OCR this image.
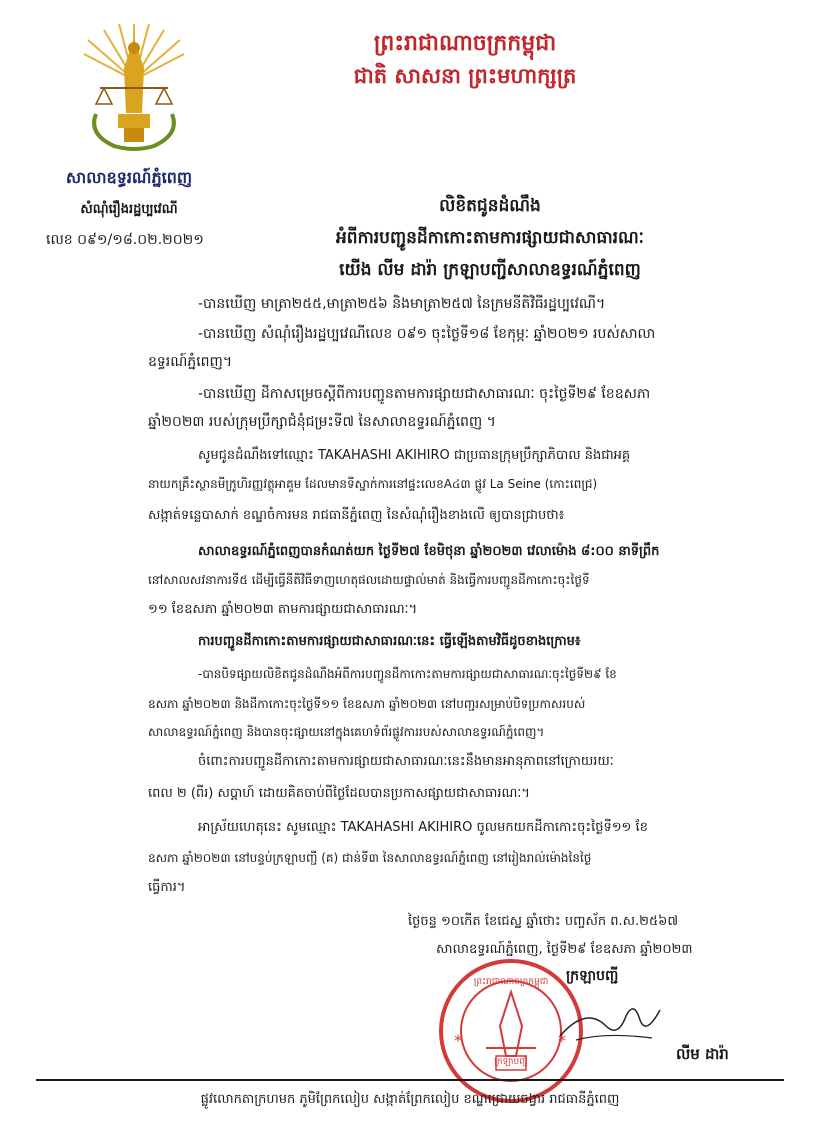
ព្រះរាជាណាចក្រកម្ពុជា
ជាតិ សាសនា ព្រះមហាក្សត្រ
សាលាឧទ្ធរណ៍ភ្នំពេញ
សំណុំរឿងរដ្ឋប្បវេណី
លេខ ០៩១/១៨.០២.២០២១
លិខិតជូនដំណឹង
អំពីការបញ្ជូនដីកាកោះតាមការផ្សាយជាសាធារណៈ
យើង លីម ដារ៉ា ក្រឡាបញ្ជីសាលាឧទ្ធរណ៍ភ្នំពេញ
-បានឃើញ មាត្រា២៥៥,មាត្រា២៥៦ និងមាត្រា២៥៧ នៃក្រមនីតិវិធីរដ្ឋប្បវេណី។
-បានឃើញ សំណុំរឿងរដ្ឋប្បវេណីលេខ ០៩១ ចុះថ្ងៃទី១៨ ខែកុម្ភៈ ឆ្នាំ២០២១ របស់សាលា
ឧទ្ធរណ៍ភ្នំពេញ។
-បានឃើញ ដីកាសម្រេចស្តីពីការបញ្ជូនតាមការផ្សាយជាសាធារណៈ ចុះថ្ងៃទី២៩ ខែឧសភា
ឆ្នាំ២០២៣ របស់ក្រុមប្រឹក្សាជំនុំជម្រះទី៧ នៃសាលាឧទ្ធរណ៍ភ្នំពេញ ។
សូមជូនដំណឹងទៅឈ្មោះ TAKAHASHI AKIHIRO ជាប្រធានក្រុមប្រឹក្សាភិបាល និងជាអគ្គ
នាយកគ្រឹះស្ថានមីក្រូហិរញ្ញវត្ថុអាគួម ដែលមានទីស្នាក់ការនៅផ្ទះលេខA៤៣ ផ្លូវ La Seine (កោះពេជ្រ)
សង្កាត់ទន្លេបាសាក់ ខណ្ឌចំការមន រាជធានីភ្នំពេញ នៃសំណុំរឿងខាងលើ ឲ្យបានជ្រាបថា៖
សាលាឧទ្ធរណ៍ភ្នំពេញបានកំណត់យក ថ្ងៃទី២៧ ខែមិថុនា ឆ្នាំ២០២៣ វេលាម៉ោង ៨:០០ នាទីព្រឹក
នៅសាលសវនាការទី៥ ដើម្បីធ្វើនីតិវិធីទាញហេតុផលដោយផ្ទាល់មាត់ និងធ្វើការបញ្ជូនដីកាកោះចុះថ្ងៃទី
១១ ខែឧសភា ឆ្នាំ២០២៣ តាមការផ្សាយជាសាធារណៈ។
ការបញ្ជូនដីកាកោះតាមការផ្សាយជាសាធារណៈនេះ ធ្វើឡើងតាមវិធីដូចខាងក្រោម៖
-បានបិទផ្សាយលិខិតជូនដំណឹងអំពីការបញ្ជូនដីកាកោះតាមការផ្សាយជាសាធារណៈចុះថ្ងៃទី២៩ ខែ
ឧសភា ឆ្នាំ២០២៣ និងដីកាកោះចុះថ្ងៃទី១១ ខែឧសភា ឆ្នាំ២០២៣ នៅបញ្ជរសម្រាប់បិទប្រកាសរបស់
សាលាឧទ្ធរណ៍ភ្នំពេញ និងបានចុះផ្សាយនៅក្នុងគេហទំព័រផ្លូវការរបស់សាលាឧទ្ធរណ៍ភ្នំពេញ។
ចំពោះការបញ្ជូនដីកាកោះតាមការផ្សាយជាសាធារណៈនេះនឹងមានអានុភាពនៅក្រោយរយៈ
ពេល ២ (ពីរ) សប្តាហ៍ ដោយគិតចាប់ពីថ្ងៃដែលបានប្រកាសផ្សាយជាសាធារណៈ។
អាស្រ័យហេតុនេះ សូមឈ្មោះ TAKAHASHI AKIHIRO ចូលមកយកដីកាកោះចុះថ្ងៃទី១១ ខែ
ឧសភា ឆ្នាំ២០២៣ នៅបន្ទប់ក្រឡាបញ្ជី (គ) ជាន់ទី៣ នៃសាលាឧទ្ធរណ៍ភ្នំពេញ នៅរៀងរាល់ម៉ោងនៃថ្ងៃ
ធ្វើការ។
ថ្ងៃចន្ទ ១០កើត ខែជេស្ឋ ឆ្នាំថោះ បញ្ចស័ក ព.ស.២៥៦៧
សាលាឧទ្ធរណ៍ភ្នំពេញ, ថ្ងៃទី២៩ ខែឧសភា ឆ្នាំ២០២៣
ក្រឡាបញ្ជី
*	*
ព្រះរាជាណាចក្រកម្ពុជា
ក្រឡាបញ្ជី	លីម ដារ៉ា
ផ្លូវលោកតាក្រហមក ភូមិព្រែកលៀប សង្កាត់ព្រែកលៀប ខណ្ឌជ្រោយចង្វារ រាជធានីភ្នំពេញ
